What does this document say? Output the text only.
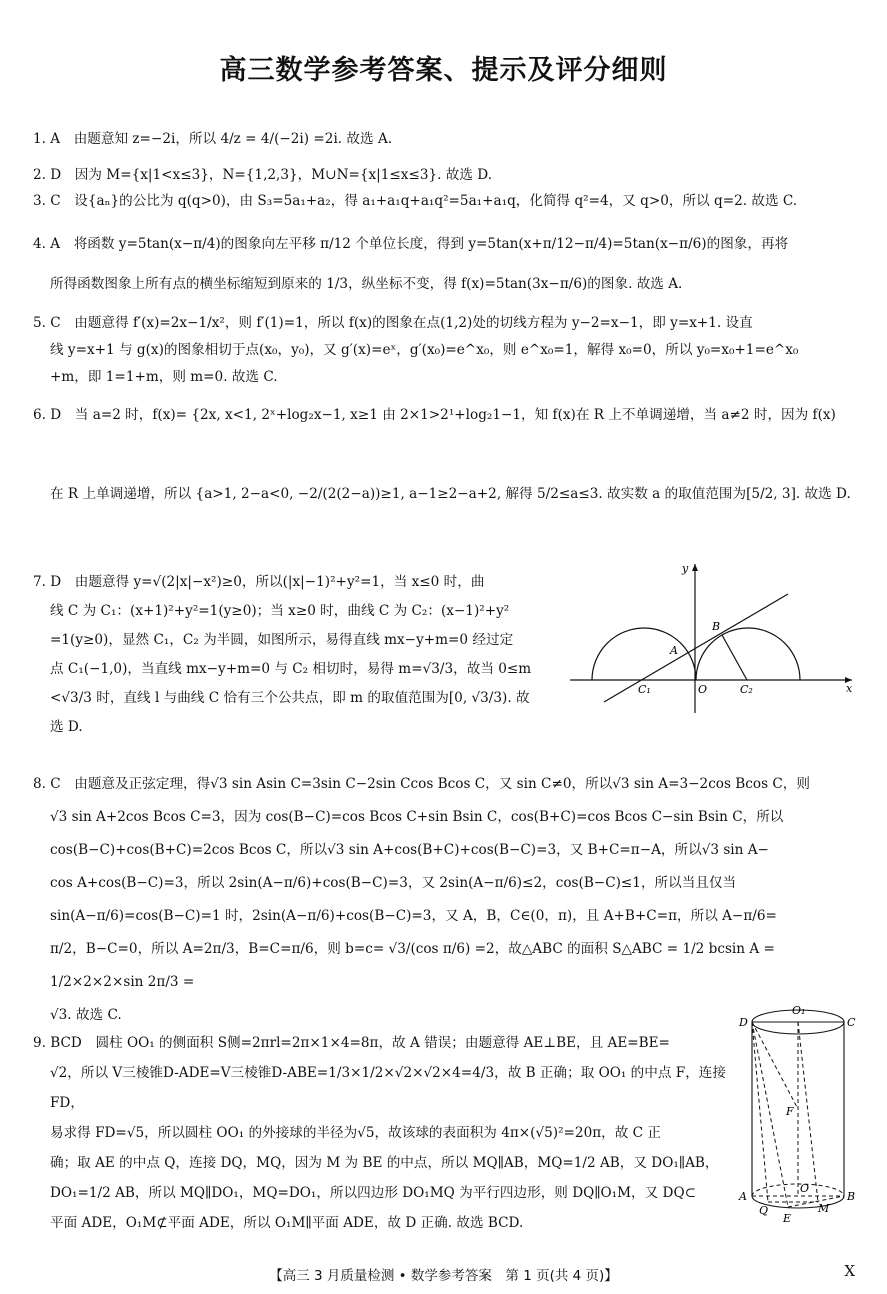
高三数学参考答案、提示及评分细则

1. A　 由题意知 z=−2i，所以 4/z = 4/(−2i) =2i. 故选 A.

2. D　 因为 M={x|1<x≤3}，N={1,2,3}，M∪N={x|1≤x≤3}. 故选 D.

3. C　 设{aₙ}的公比为 q(q>0)，由 S₃=5a₁+a₂，得 a₁+a₁q+a₁q²=5a₁+a₁q，化简得 q²=4，又 q>0，所以 q=2. 故选 C.

4. A　 将函数 y=5tan(x−π/4)的图象向左平移 π/12 个单位长度，得到 y=5tan(x+π/12−π/4)=5tan(x−π/6)的图象，再将

所得函数图象上所有点的横坐标缩短到原来的 1/3，纵坐标不变，得 f(x)=5tan(3x−π/6)的图象. 故选 A.

5. C　 由题意得 f′(x)=2x−1/x²，则 f′(1)=1，所以 f(x)的图象在点(1,2)处的切线方程为 y−2=x−1，即 y=x+1. 设直

线 y=x+1 与 g(x)的图象相切于点(x₀，y₀)，又 g′(x)=eˣ，g′(x₀)=e^x₀，则 e^x₀=1，解得 x₀=0，所以 y₀=x₀+1=e^x₀

+m，即 1=1+m，则 m=0. 故选 C.

6. D　 当 a=2 时，f(x)= {2x, x<1, 2ˣ+log₂x−1, x≥1 由 2×1>2¹+log₂1−1，知 f(x)在 R 上不单调递增，当 a≠2 时，因为 f(x)

在 R 上单调递增，所以 {a>1, 2−a<0, −2/(2(2−a))≥1, a−1≥2−a+2, 解得 5/2≤a≤3. 故实数 a 的取值范围为[5/2, 3]. 故选 D.

7. D　 由题意得 y=√(2|x|−x²)≥0，所以(|x|−1)²+y²=1，当 x≤0 时，曲

线 C 为 C₁：(x+1)²+y²=1(y≥0)；当 x≥0 时，曲线 C 为 C₂：(x−1)²+y²

=1(y≥0)，显然 C₁，C₂ 为半圆，如图所示，易得直线 mx−y+m=0 经过定

点 C₁(−1,0)，当直线 mx−y+m=0 与 C₂ 相切时，易得 m=√3/3，故当 0≤m

<√3/3 时，直线 l 与曲线 C 恰有三个公共点，即 m 的取值范围为[0, √3/3). 故

选 D.

y
x
A
B
O
C₁	C₂

8. C　 由题意及正弦定理，得√3 sin Asin C=3sin C−2sin Ccos Bcos C，又 sin C≠0，所以√3 sin A=3−2cos Bcos C，则

√3 sin A+2cos Bcos C=3，因为 cos(B−C)=cos Bcos C+sin Bsin C，cos(B+C)=cos Bcos C−sin Bsin C，所以

cos(B−C)+cos(B+C)=2cos Bcos C，所以√3 sin A+cos(B+C)+cos(B−C)=3，又 B+C=π−A，所以√3 sin A−

cos A+cos(B−C)=3，所以 2sin(A−π/6)+cos(B−C)=3，又 2sin(A−π/6)≤2，cos(B−C)≤1，所以当且仅当

sin(A−π/6)=cos(B−C)=1 时，2sin(A−π/6)+cos(B−C)=3，又 A，B，C∈(0，π)，且 A+B+C=π，所以 A−π/6=

π/2，B−C=0，所以 A=2π/3，B=C=π/6，则 b=c= √3/(cos π/6) =2，故△ABC 的面积 S△ABC = 1/2 bcsin A = 1/2×2×2×sin 2π/3 =

√3. 故选 C.

9. BCD　 圆柱 OO₁ 的侧面积 S侧=2πrl=2π×1×4=8π，故 A 错误；由题意得 AE⊥BE，且 AE=BE=

√2，所以 V三棱锥D-ADE=V三棱锥D-ABE=1/3×1/2×√2×√2×4=4/3，故 B 正确；取 OO₁ 的中点 F，连接 FD，

易求得 FD=√5，所以圆柱 OO₁ 的外接球的半径为√5，故该球的表面积为 4π×(√5)²=20π，故 C 正

确；取 AE 的中点 Q，连接 DQ，MQ，因为 M 为 BE 的中点，所以 MQ∥AB，MQ=1/2 AB，又 DO₁∥AB，

DO₁=1/2 AB，所以 MQ∥DO₁，MQ=DO₁，所以四边形 DO₁MQ 为平行四边形，则 DQ∥O₁M，又 DQ⊂

平面 ADE，O₁M⊄平面 ADE，所以 O₁M∥平面 ADE，故 D 正确. 故选 BCD.

D
O₁
C
F
A
O
B
Q	M
E
【高三 3 月质量检测 • 数学参考答案　第 1 页(共 4 页)】	X
